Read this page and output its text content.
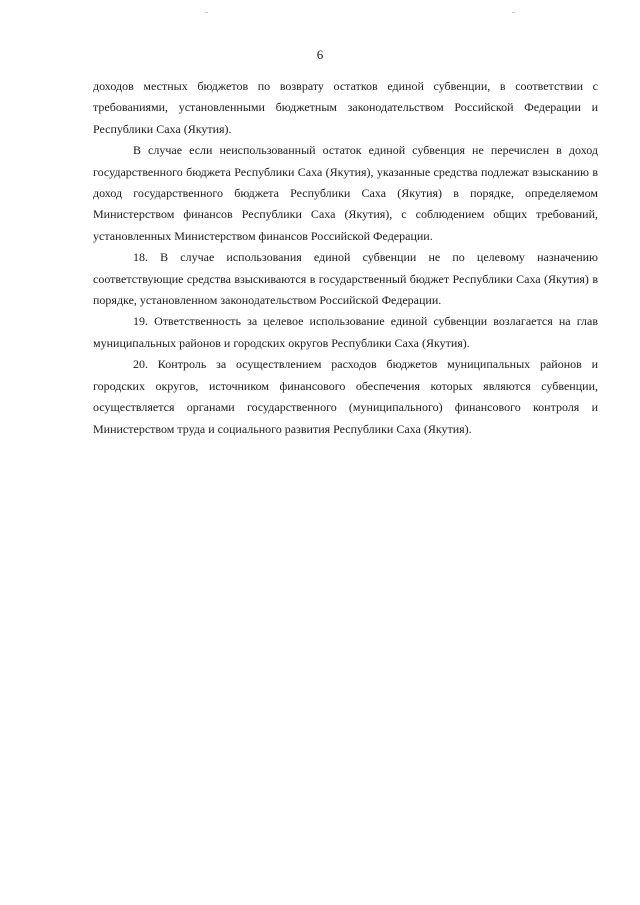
6

доходов местных бюджетов по возврату остатков единой субвенции, в соответствии с требованиями, установленными бюджетным законодательством Российской Федерации и Республики Саха (Якутия).

В случае если неиспользованный остаток единой субвенция не перечислен в доход государственного бюджета Республики Саха (Якутия), указанные средства подлежат взысканию в доход государственного бюджета Республики Саха (Якутия) в порядке, определяемом Министерством финансов Республики Саха (Якутия), с соблюдением общих требований, установленных Министерством финансов Российской Федерации.

18. В случае использования единой субвенции не по целевому назначению соответствующие средства взыскиваются в государственный бюджет Республики Саха (Якутия) в порядке, установленном законодательством Российской Федерации.

19. Ответственность за целевое использование единой субвенции возлагается на глав муниципальных районов и городских округов Республики Саха (Якутия).

20. Контроль за осуществлением расходов бюджетов муниципальных районов и городских округов, источником финансового обеспечения которых являются субвенции, осуществляется органами государственного (муниципального) финансового контроля и Министерством труда и социального развития Республики Саха (Якутия).
